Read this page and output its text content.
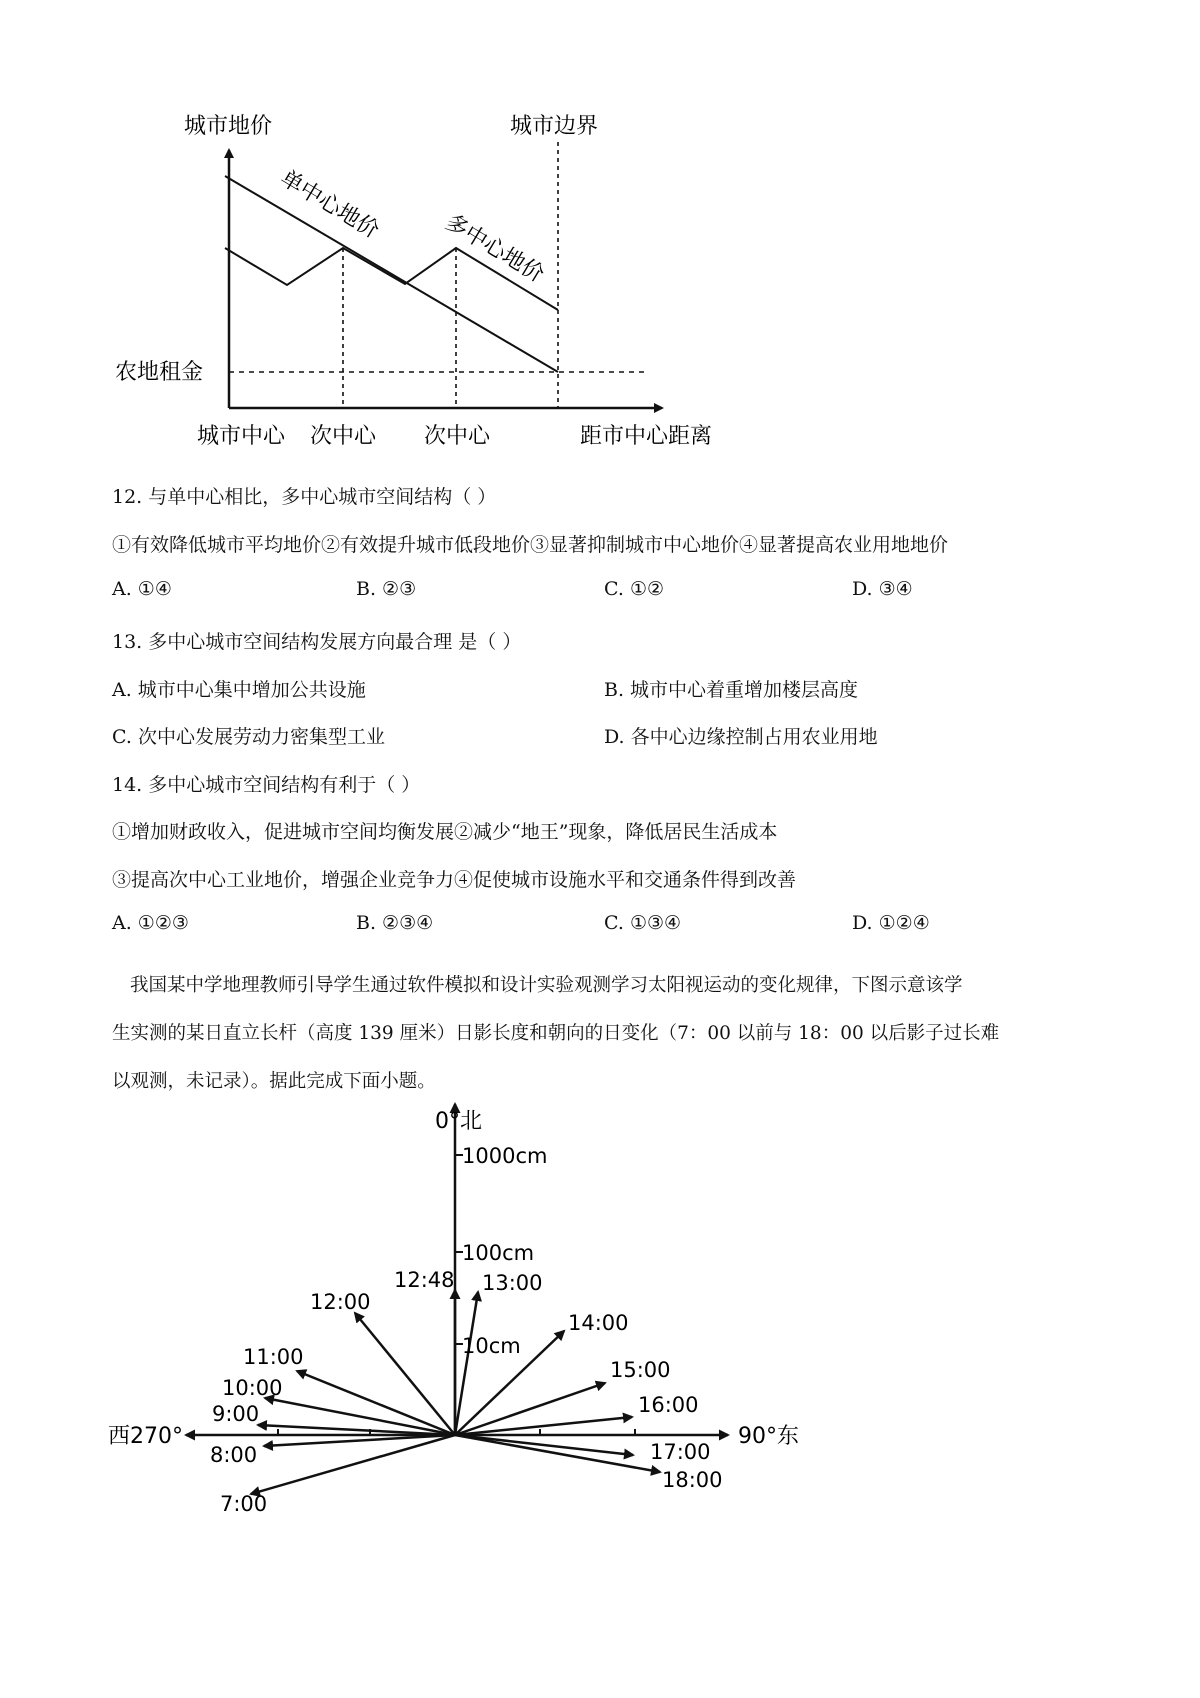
城市地价	城市边界
单中心地价
多中心地价
农地租金
城市中心 次中心 次中心	距市中心距离
12. 与单中心相比，多中心城市空间结构（ ）
①有效降低城市平均地价②有效提升城市低段地价③显著抑制城市中心地价④显著提高农业用地地价
A. ①④	B. ②③	C. ①②	D. ③④
13. 多中心城市空间结构发展方向最合理 是（ ）
A. 城市中心集中增加公共设施	B. 城市中心着重增加楼层高度
C. 次中心发展劳动力密集型工业	D. 各中心边缘控制占用农业用地
14. 多中心城市空间结构有利于（ ）
①增加财政收入，促进城市空间均衡发展②减少“地王”现象，降低居民生活成本
③提高次中心工业地价，增强企业竞争力④促使城市设施水平和交通条件得到改善
A. ①②③	B. ②③④	C. ①③④	D. ①②④
我国某中学地理教师引导学生通过软件模拟和设计实验观测学习太阳视运动的变化规律，下图示意该学
生实测的某日直立长杆（高度 139 厘米）日影长度和朝向的日变化（7：00 以前与 18：00 以后影子过长难
以观测，未记录）。据此完成下面小题。
0°北
90°东
西270°
1000cm
100cm
10cm
12:48 13:00
12:00
14:00
11:00
15:00
10:00
16:00
9:00
17:00
8:00
18:00
7:00
